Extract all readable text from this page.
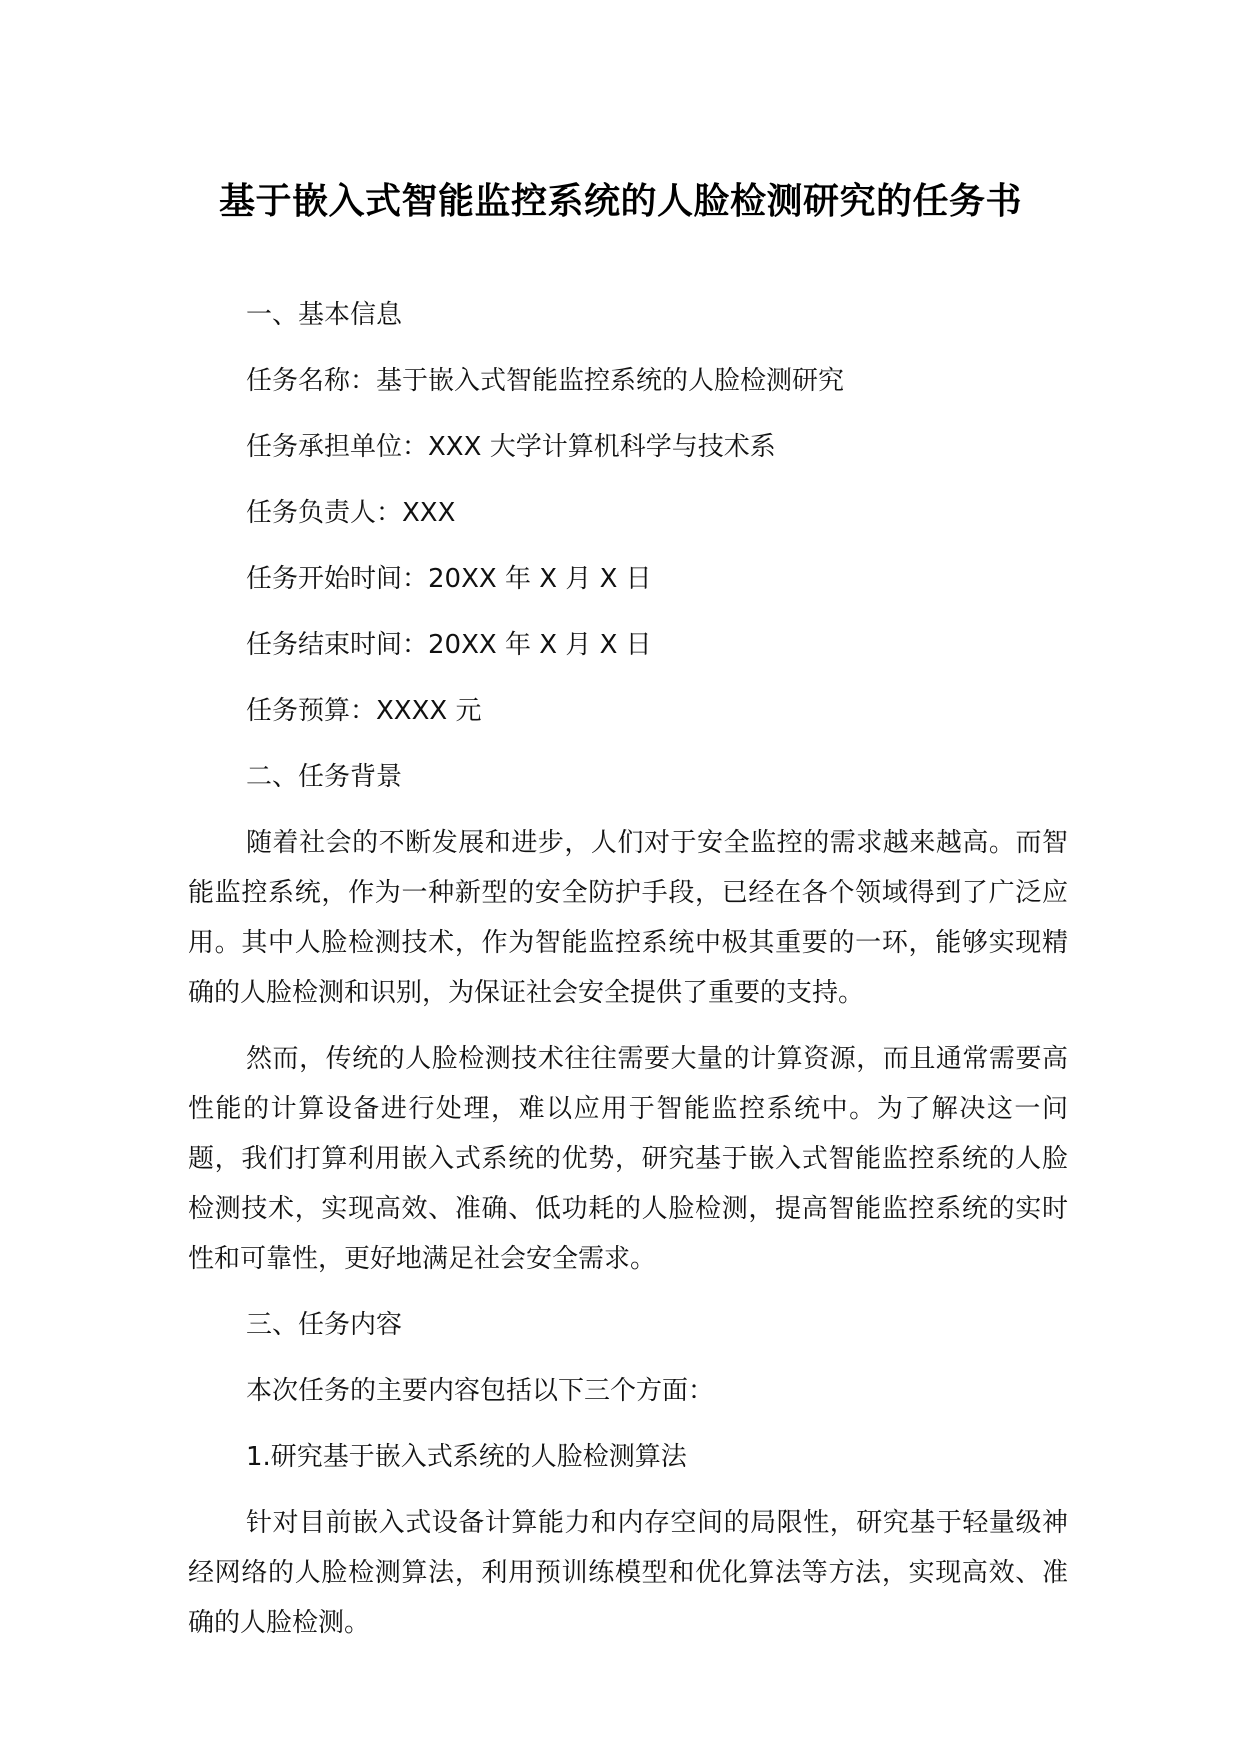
基于嵌入式智能监控系统的人脸检测研究的任务书
一、基本信息
任务名称：基于嵌入式智能监控系统的人脸检测研究
任务承担单位：XXX 大学计算机科学与技术系
任务负责人：XXX
任务开始时间：20XX 年 X 月 X 日
任务结束时间：20XX 年 X 月 X 日
任务预算：XXXX 元
二、任务背景
随着社会的不断发展和进步，人们对于安全监控的需求越来越高。而智能监控系统，作为一种新型的安全防护手段，已经在各个领域得到了广泛应用。其中人脸检测技术，作为智能监控系统中极其重要的一环，能够实现精确的人脸检测和识别，为保证社会安全提供了重要的支持。
然而，传统的人脸检测技术往往需要大量的计算资源，而且通常需要高性能的计算设备进行处理，难以应用于智能监控系统中。为了解决这一问题，我们打算利用嵌入式系统的优势，研究基于嵌入式智能监控系统的人脸检测技术，实现高效、准确、低功耗的人脸检测，提高智能监控系统的实时性和可靠性，更好地满足社会安全需求。
三、任务内容
本次任务的主要内容包括以下三个方面：
1.研究基于嵌入式系统的人脸检测算法
针对目前嵌入式设备计算能力和内存空间的局限性，研究基于轻量级神经网络的人脸检测算法，利用预训练模型和优化算法等方法，实现高效、准确的人脸检测。
